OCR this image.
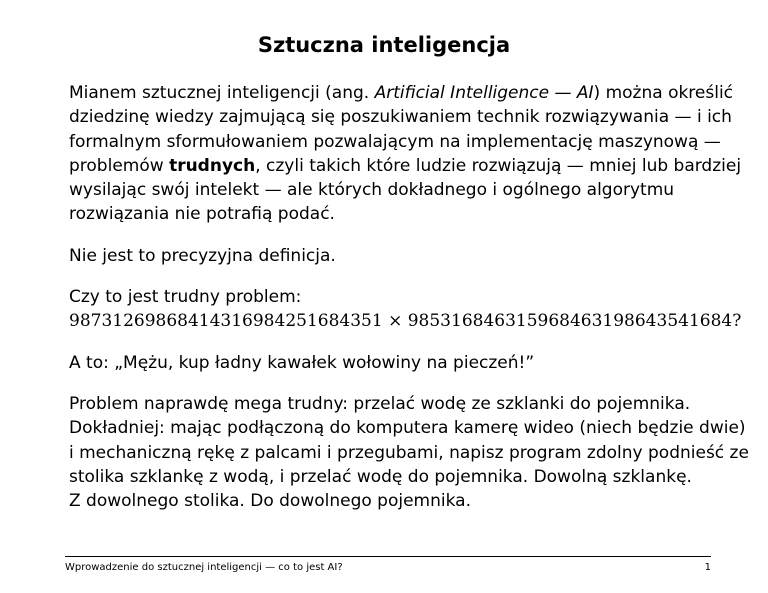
Sztuczna inteligencja
Mianem sztucznej inteligencji (ang. Artificial Intelligence — AI) można określić
dziedzinę wiedzy zajmującą się poszukiwaniem technik rozwiązywania — i ich
formalnym sformułowaniem pozwalającym na implementację maszynową —
problemów trudnych, czyli takich które ludzie rozwiązują — mniej lub bardziej
wysilając swój intelekt — ale których dokładnego i ogólnego algorytmu
rozwiązania nie potrafią podać.
Nie jest to precyzyjna definicja.
Czy to jest trudny problem:
98731269868414316984251684351 × 985316846315968463198643541684?
A to: „Mężu, kup ładny kawałek wołowiny na pieczeń!”
Problem naprawdę mega trudny: przelać wodę ze szklanki do pojemnika.
Dokładniej: mając podłączoną do komputera kamerę wideo (niech będzie dwie)
i mechaniczną rękę z palcami i przegubami, napisz program zdolny podnieść ze
stolika szklankę z wodą, i przelać wodę do pojemnika. Dowolną szklankę.
Z dowolnego stolika. Do dowolnego pojemnika.
Wprowadzenie do sztucznej inteligencji — co to jest AI?	1
